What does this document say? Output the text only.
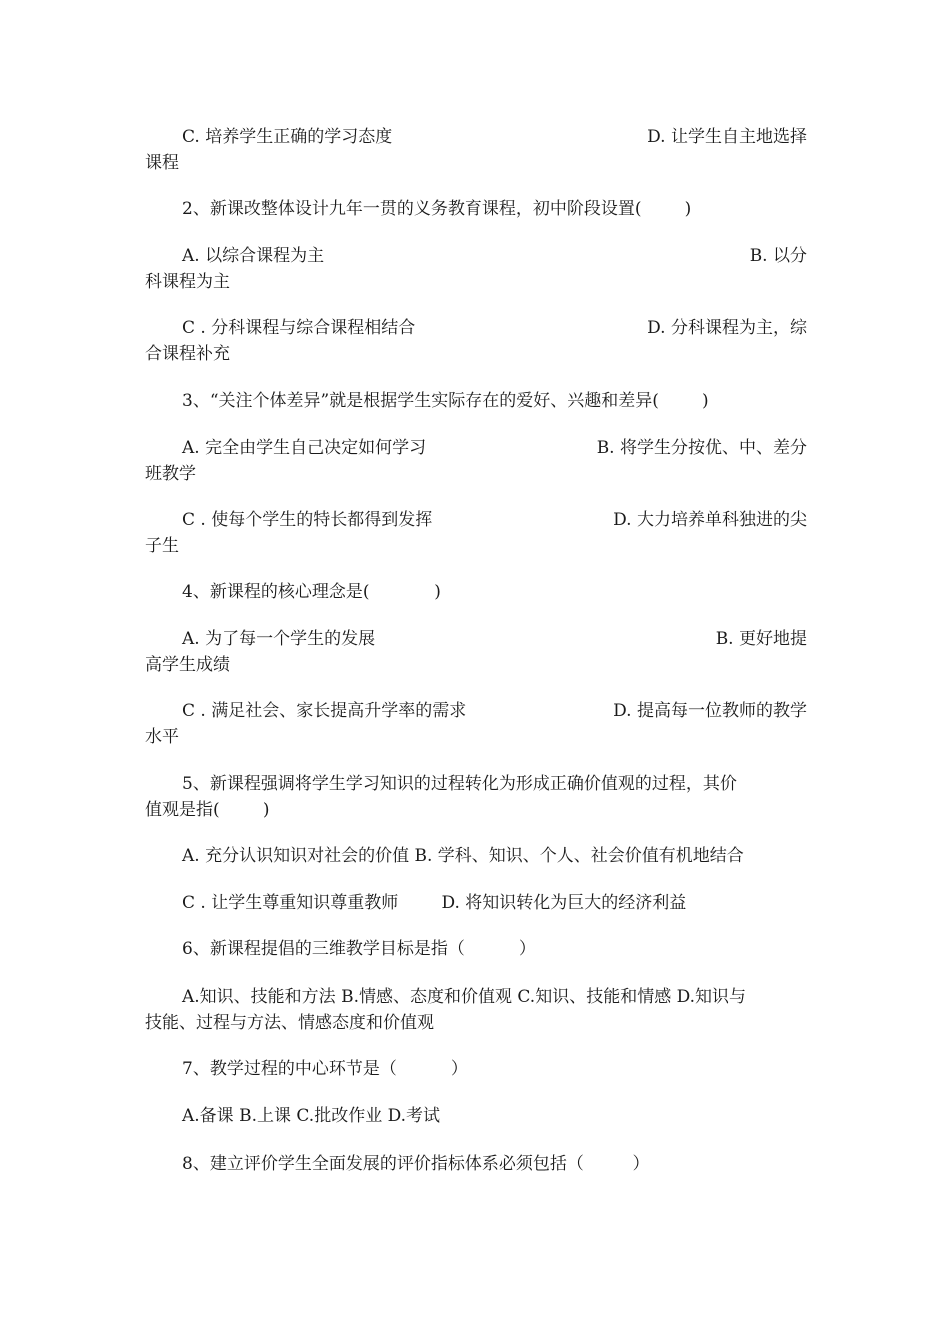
C. 培养学生正确的学习态度	D. 让学生自主地选择

课程

2、新课改整体设计九年一贯的义务教育课程，初中阶段设置(        )

A. 以综合课程为主	B. 以分

科课程为主

C . 分科课程与综合课程相结合	D. 分科课程为主，综

合课程补充

3、“关注个体差异”就是根据学生实际存在的爱好、兴趣和差异(        )

A. 完全由学生自己决定如何学习	B. 将学生分按优、中、差分

班教学

C . 使每个学生的特长都得到发挥	D. 大力培养单科独进的尖

子生

4、新课程的核心理念是(            )

A. 为了每一个学生的发展	B. 更好地提

高学生成绩

C . 满足社会、家长提高升学率的需求	D. 提高每一位教师的教学

水平

5、新课程强调将学生学习知识的过程转化为形成正确价值观的过程，其价

值观是指(        )

A. 充分认识知识对社会的价值 B. 学科、知识、个人、社会价值有机地结合

C . 让学生尊重知识尊重教师        D. 将知识转化为巨大的经济利益

6、新课程提倡的三维教学目标是指（          ）

A.知识、技能和方法 B.情感、态度和价值观 C.知识、技能和情感 D.知识与

技能、过程与方法、情感态度和价值观

7、教学过程的中心环节是（          ）

A.备课 B.上课 C.批改作业 D.考试

8、建立评价学生全面发展的评价指标体系必须包括（         ）
